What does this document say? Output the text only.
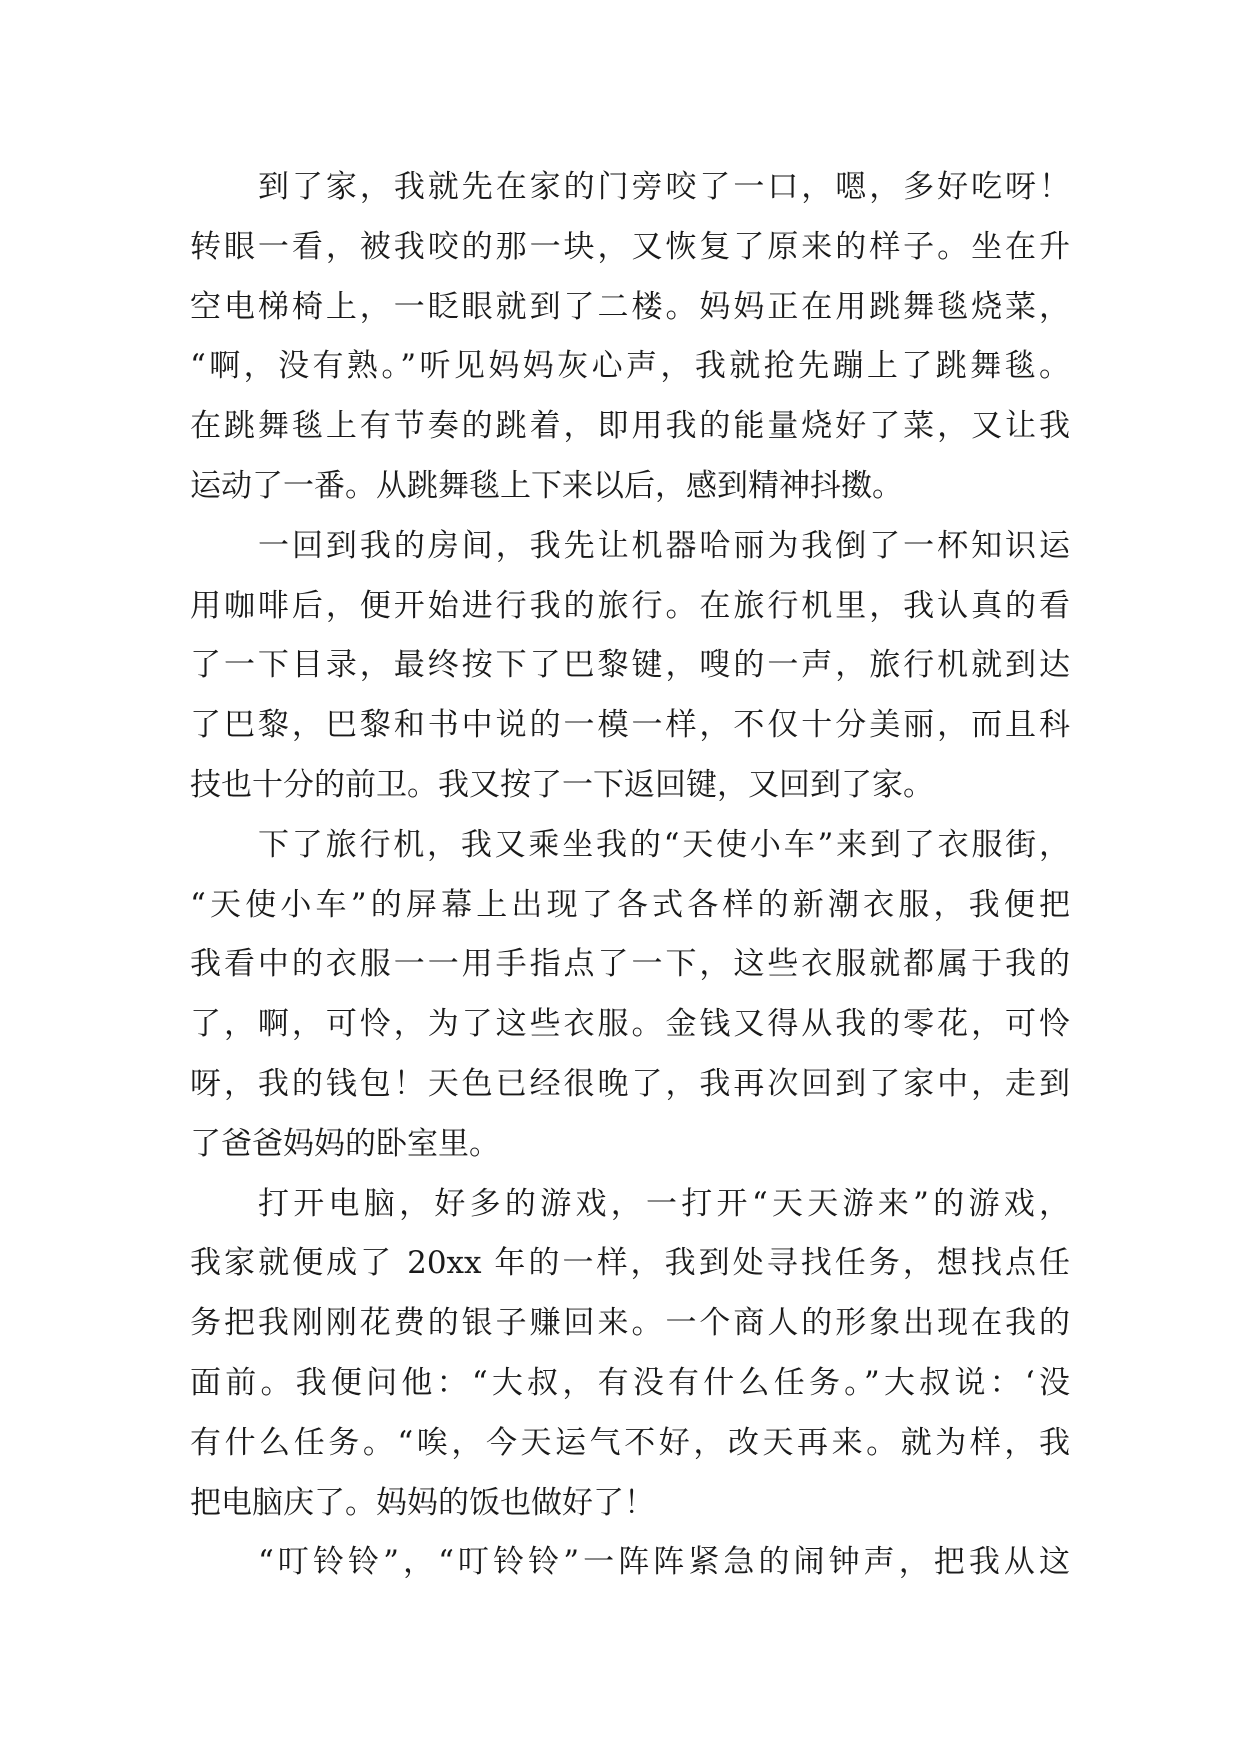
到了家，我就先在家的门旁咬了一口，嗯，多好吃呀！
转眼一看，被我咬的那一块，又恢复了原来的样子。坐在升
空电梯椅上，一眨眼就到了二楼。妈妈正在用跳舞毯烧菜，
“啊，没有熟。”听见妈妈灰心声，我就抢先蹦上了跳舞毯。
在跳舞毯上有节奏的跳着，即用我的能量烧好了菜，又让我
运动了一番。从跳舞毯上下来以后，感到精神抖擞。
一回到我的房间，我先让机器哈丽为我倒了一杯知识运
用咖啡后，便开始进行我的旅行。在旅行机里，我认真的看
了一下目录，最终按下了巴黎键，嗖的一声，旅行机就到达
了巴黎，巴黎和书中说的一模一样，不仅十分美丽，而且科
技也十分的前卫。我又按了一下返回键，又回到了家。
下了旅行机，我又乘坐我的“天使小车”来到了衣服街，
“天使小车”的屏幕上出现了各式各样的新潮衣服，我便把
我看中的衣服一一用手指点了一下，这些衣服就都属于我的
了，啊，可怜，为了这些衣服。金钱又得从我的零花，可怜
呀，我的钱包！天色已经很晚了，我再次回到了家中，走到
了爸爸妈妈的卧室里。
打开电脑，好多的游戏，一打开“天天游来”的游戏，
我家就便成了 20xx 年的一样，我到处寻找任务，想找点任
务把我刚刚花费的银子赚回来。一个商人的形象出现在我的
面前。我便问他：“大叔，有没有什么任务。”大叔说：‘没
有什么任务。“唉，今天运气不好，改天再来。就为样，我
把电脑庆了。妈妈的饭也做好了！
“叮铃铃”，“叮铃铃”一阵阵紧急的闹钟声，把我从这
